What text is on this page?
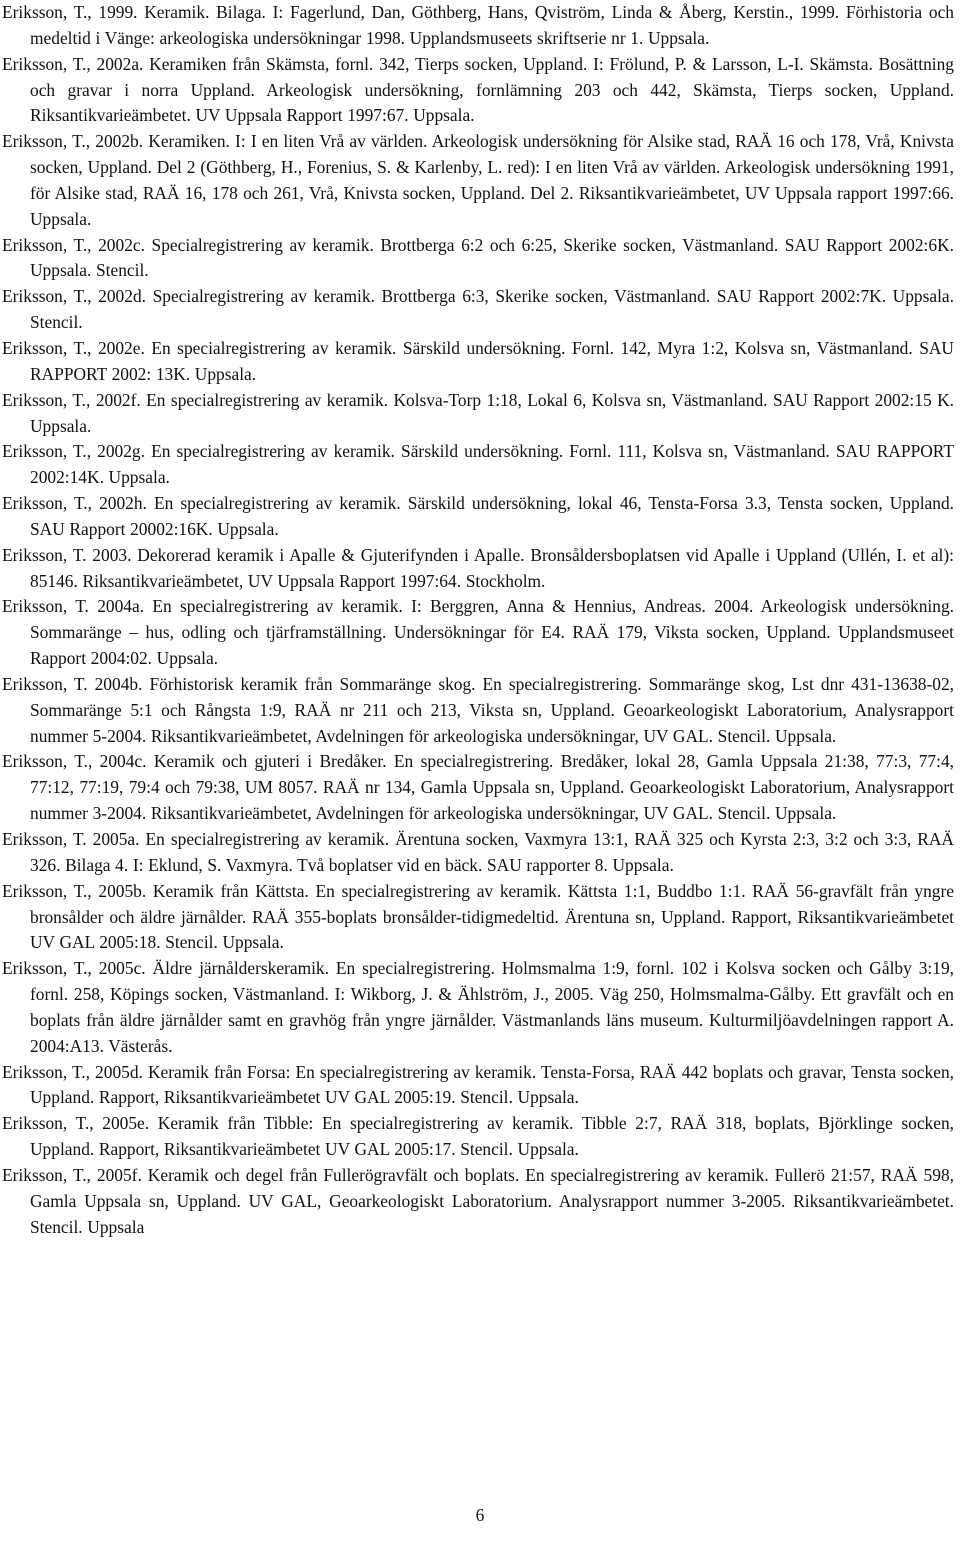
Eriksson, T., 1999. Keramik. Bilaga. I: Fagerlund, Dan, Göthberg, Hans, Qviström, Linda & Åberg, Kerstin., 1999. Förhistoria och medeltid i Vänge: arkeologiska undersökningar 1998. Upplandsmuseets skriftserie nr 1. Uppsala.
Eriksson, T., 2002a. Keramiken från Skämsta, fornl. 342, Tierps socken, Uppland. I: Frölund, P. & Larsson, L-I. Skämsta. Bosättning och gravar i norra Uppland. Arkeologisk undersökning, fornlämning 203 och 442, Skämsta, Tierps socken, Uppland. Riksantikvarieämbetet. UV Uppsala Rapport 1997:67. Uppsala.
Eriksson, T., 2002b. Keramiken. I: I en liten Vrå av världen. Arkeologisk undersökning för Alsike stad, RAÄ 16 och 178, Vrå, Knivsta socken, Uppland. Del 2 (Göthberg, H., Forenius, S. & Karlenby, L. red): I en liten Vrå av världen. Arkeologisk undersökning 1991, för Alsike stad, RAÄ 16, 178 och 261, Vrå, Knivsta socken, Uppland. Del 2. Riksantikvarieämbetet, UV Uppsala rapport 1997:66. Uppsala.
Eriksson, T., 2002c. Specialregistrering av keramik. Brottberga 6:2 och 6:25, Skerike socken, Västmanland. SAU Rapport 2002:6K. Uppsala. Stencil.
Eriksson, T., 2002d. Specialregistrering av keramik. Brottberga 6:3, Skerike socken, Västmanland. SAU Rapport 2002:7K. Uppsala. Stencil.
Eriksson, T., 2002e. En specialregistrering av keramik. Särskild undersökning. Fornl. 142, Myra 1:2, Kolsva sn, Västmanland. SAU RAPPORT 2002: 13K. Uppsala.
Eriksson, T., 2002f. En specialregistrering av keramik. Kolsva-Torp 1:18, Lokal 6, Kolsva sn, Västmanland. SAU Rapport 2002:15 K. Uppsala.
Eriksson, T., 2002g. En specialregistrering av keramik. Särskild undersökning. Fornl. 111, Kolsva sn, Västmanland. SAU RAPPORT 2002:14K. Uppsala.
Eriksson, T., 2002h. En specialregistrering av keramik. Särskild undersökning, lokal 46, Tensta-Forsa 3.3, Tensta socken, Uppland. SAU Rapport 20002:16K. Uppsala.
Eriksson, T. 2003. Dekorerad keramik i Apalle & Gjuterifynden i Apalle. Bronsåldersboplatsen vid Apalle i Uppland (Ullén, I. et al): 85146. Riksantikvarieämbetet, UV Uppsala Rapport 1997:64. Stockholm.
Eriksson, T. 2004a. En specialregistrering av keramik. I: Berggren, Anna & Hennius, Andreas. 2004. Arkeologisk undersökning. Sommaränge – hus, odling och tjärframställning. Undersökningar för E4. RAÄ 179, Viksta socken, Uppland. Upplandsmuseet Rapport 2004:02. Uppsala.
Eriksson, T. 2004b. Förhistorisk keramik från Sommaränge skog. En specialregistrering. Sommaränge skog, Lst dnr 431-13638-02, Sommaränge 5:1 och Rångsta 1:9, RAÄ nr 211 och 213, Viksta sn, Uppland. Geoarkeologiskt Laboratorium, Analysrapport nummer 5-2004. Riksantikvarieämbetet, Avdelningen för arkeologiska undersökningar, UV GAL. Stencil. Uppsala.
Eriksson, T., 2004c. Keramik och gjuteri i Bredåker. En specialregistrering. Bredåker, lokal 28, Gamla Uppsala 21:38, 77:3, 77:4, 77:12, 77:19, 79:4 och 79:38, UM 8057. RAÄ nr 134, Gamla Uppsala sn, Uppland. Geoarkeologiskt Laboratorium, Analysrapport nummer 3-2004. Riksantikvarieämbetet, Avdelningen för arkeologiska undersökningar, UV GAL. Stencil. Uppsala.
Eriksson, T. 2005a. En specialregistrering av keramik. Ärentuna socken, Vaxmyra 13:1, RAÄ 325 och Kyrsta 2:3, 3:2 och 3:3, RAÄ 326. Bilaga 4. I: Eklund, S. Vaxmyra. Två boplatser vid en bäck. SAU rapporter 8. Uppsala.
Eriksson, T., 2005b. Keramik från Kättsta. En specialregistrering av keramik. Kättsta 1:1, Buddbo 1:1. RAÄ 56-gravfält från yngre bronsålder och äldre järnålder. RAÄ 355-boplats bronsålder-tidigmedeltid. Ärentuna sn, Uppland. Rapport, Riksantikvarieämbetet UV GAL 2005:18. Stencil. Uppsala.
Eriksson, T., 2005c. Äldre järnålderskeramik. En specialregistrering. Holmsmalma 1:9, fornl. 102 i Kolsva socken och Gålby 3:19, fornl. 258, Köpings socken, Västmanland. I: Wikborg, J. & Ählström, J., 2005. Väg 250, Holmsmalma-Gålby. Ett gravfält och en boplats från äldre järnålder samt en gravhög från yngre järnålder. Västmanlands läns museum. Kulturmiljöavdelningen rapport A. 2004:A13. Västerås.
Eriksson, T., 2005d. Keramik från Forsa: En specialregistrering av keramik. Tensta-Forsa, RAÄ 442 boplats och gravar, Tensta socken, Uppland. Rapport, Riksantikvarieämbetet UV GAL 2005:19. Stencil. Uppsala.
Eriksson, T., 2005e. Keramik från Tibble: En specialregistrering av keramik. Tibble 2:7, RAÄ 318, boplats, Björklinge socken, Uppland. Rapport, Riksantikvarieämbetet UV GAL 2005:17. Stencil. Uppsala.
Eriksson, T., 2005f. Keramik och degel från Fullerögravfält och boplats. En specialregistrering av keramik. Fullerö 21:57, RAÄ 598, Gamla Uppsala sn, Uppland. UV GAL, Geoarkeologiskt Laboratorium. Analysrapport nummer 3-2005. Riksantikvarieämbetet. Stencil. Uppsala
6
